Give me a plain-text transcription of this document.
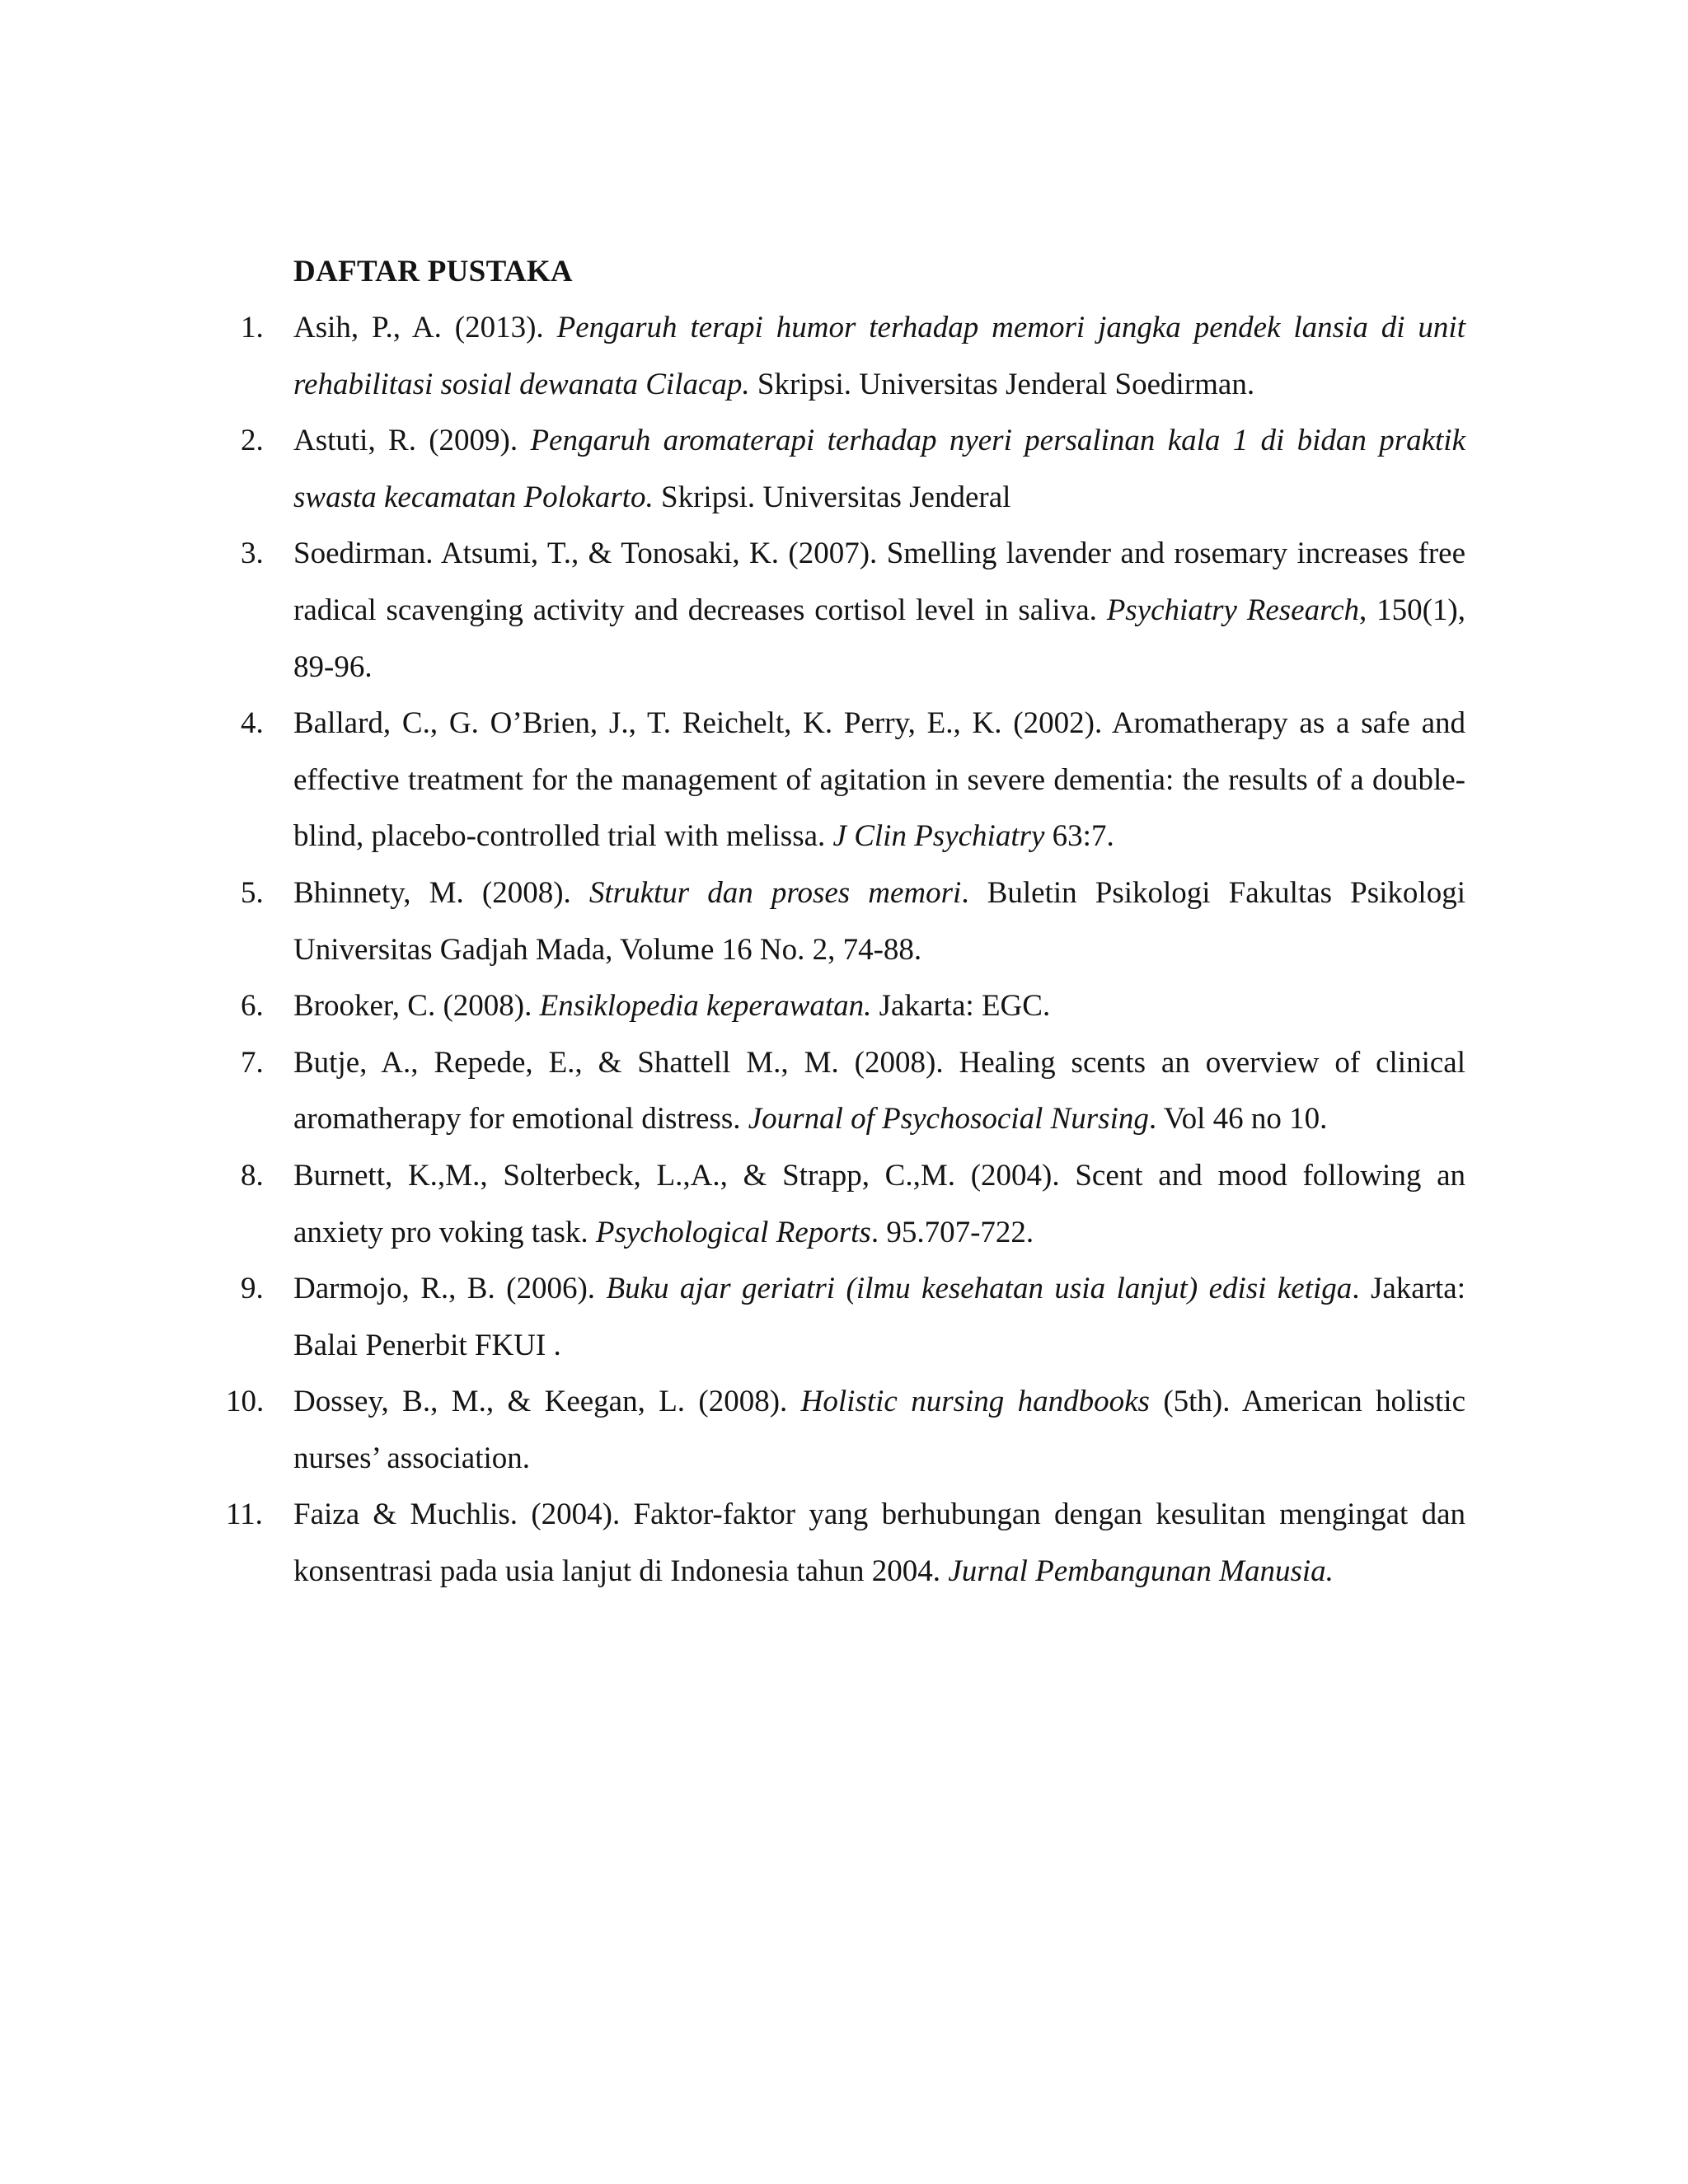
DAFTAR PUSTAKA
1. Asih, P., A. (2013). Pengaruh terapi humor terhadap memori jangka pendek lansia di unit rehabilitasi sosial dewanata Cilacap. Skripsi. Universitas Jenderal Soedirman.
2. Astuti, R. (2009). Pengaruh aromaterapi terhadap nyeri persalinan kala 1 di bidan praktik swasta kecamatan Polokarto. Skripsi. Universitas Jenderal
3. Soedirman. Atsumi, T., & Tonosaki, K. (2007). Smelling lavender and rosemary increases free radical scavenging activity and decreases cortisol level in saliva. Psychiatry Research, 150(1), 89-96.
4. Ballard, C., G. O’Brien, J., T. Reichelt, K. Perry, E., K. (2002). Aromatherapy as a safe and effective treatment for the management of agitation in severe dementia: the results of a double-blind, placebo-controlled trial with melissa. J Clin Psychiatry 63:7.
5. Bhinnety, M. (2008). Struktur dan proses memori. Buletin Psikologi Fakultas Psikologi Universitas Gadjah Mada, Volume 16 No. 2, 74-88.
6. Brooker, C. (2008). Ensiklopedia keperawatan. Jakarta: EGC.
7. Butje, A., Repede, E., & Shattell M., M. (2008). Healing scents an overview of clinical aromatherapy for emotional distress. Journal of Psychosocial Nursing. Vol 46 no 10.
8. Burnett, K.,M., Solterbeck, L.,A., & Strapp, C.,M. (2004). Scent and mood following an anxiety pro voking task. Psychological Reports. 95.707-722.
9. Darmojo, R., B. (2006). Buku ajar geriatri (ilmu kesehatan usia lanjut) edisi ketiga. Jakarta: Balai Penerbit FKUI .
10. Dossey, B., M., & Keegan, L. (2008). Holistic nursing handbooks (5th). American holistic nurses’ association.
11.	Faiza & Muchlis. (2004). Faktor-faktor yang berhubungan dengan kesulitan mengingat dan konsentrasi pada usia lanjut di Indonesia tahun 2004. Jurnal Pembangunan Manusia.
